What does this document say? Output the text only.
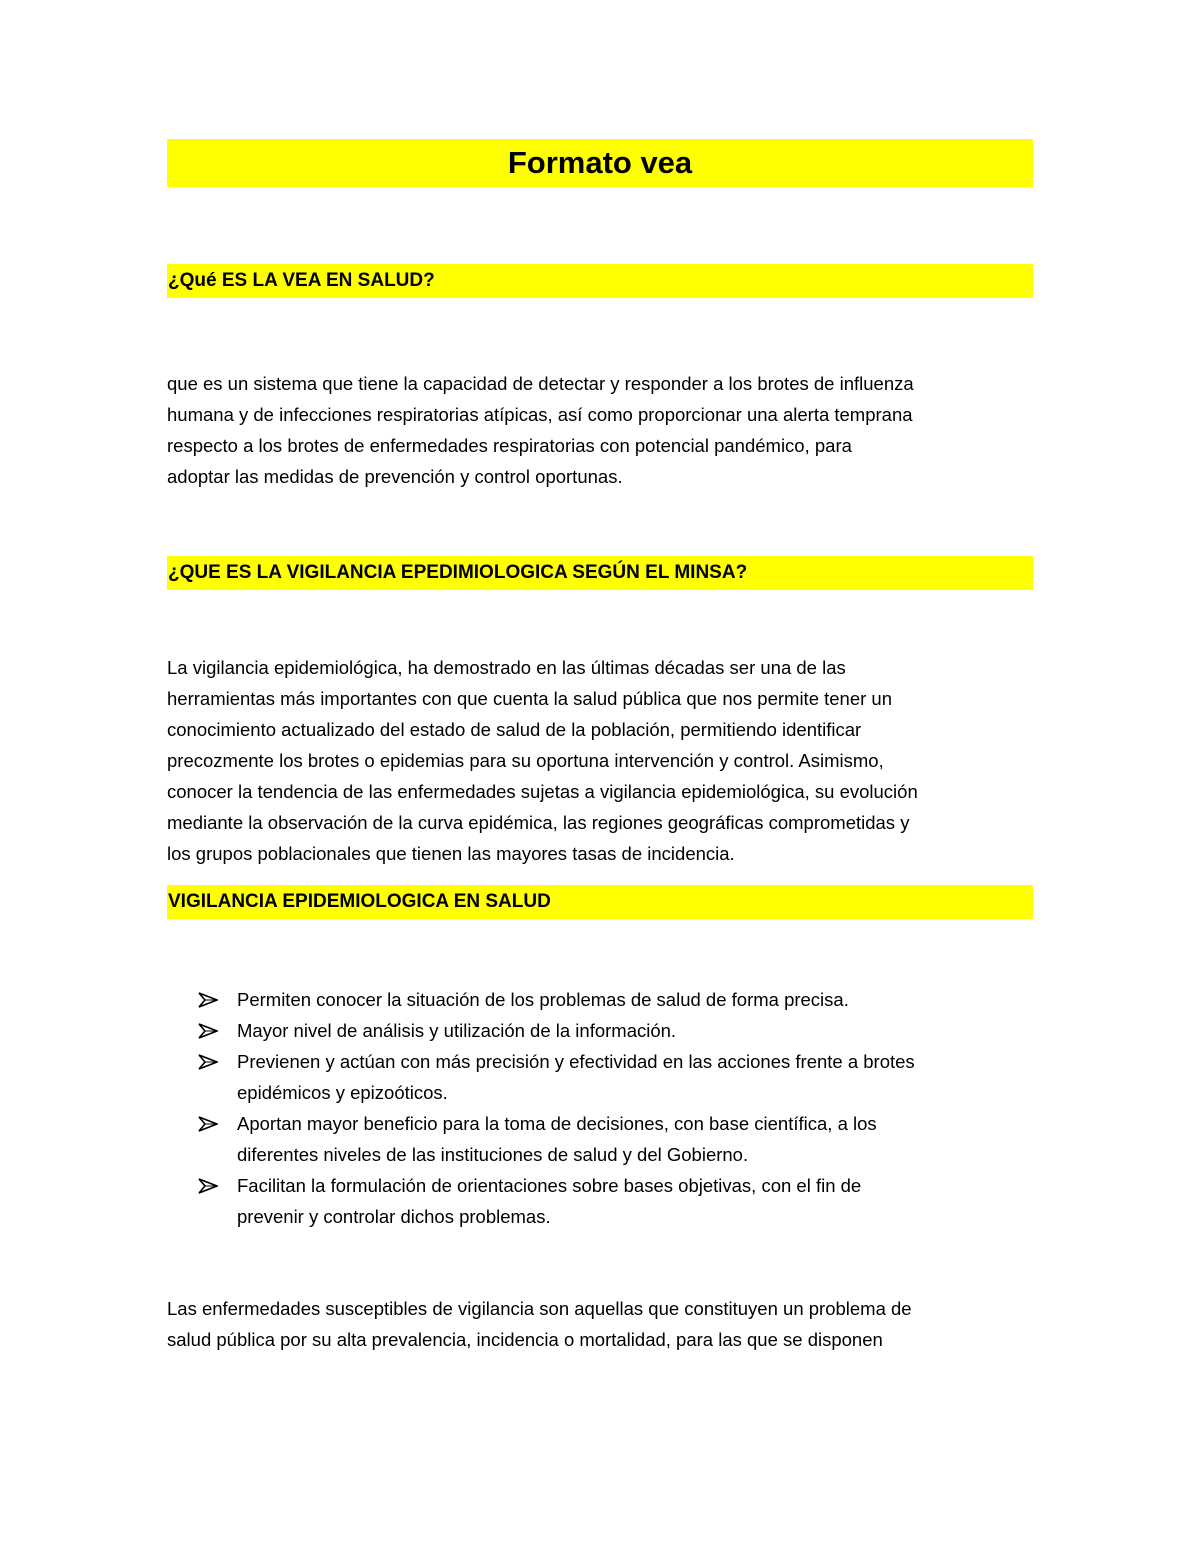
Formato vea
¿Qué ES LA VEA EN SALUD?

que es un sistema que tiene la capacidad de detectar y responder a los brotes de influenza
humana y de infecciones respiratorias atípicas, así como proporcionar una alerta temprana
respecto a los brotes de enfermedades respiratorias con potencial pandémico, para
adoptar las medidas de prevención y control oportunas.

¿QUE ES LA VIGILANCIA EPEDIMIOLOGICA SEGÚN EL MINSA?

La vigilancia epidemiológica, ha demostrado en las últimas décadas ser una de las
herramientas más importantes con que cuenta la salud pública que nos permite tener un
conocimiento actualizado del estado de salud de la población, permitiendo identificar
precozmente los brotes o epidemias para su oportuna intervención y control. Asimismo,
conocer la tendencia de las enfermedades sujetas a vigilancia epidemiológica, su evolución
mediante la observación de la curva epidémica, las regiones geográficas comprometidas y
los grupos poblacionales que tienen las mayores tasas de incidencia.

VIGILANCIA EPIDEMIOLOGICA EN SALUD
Permiten conocer la situación de los problemas de salud de forma precisa.
Mayor nivel de análisis y utilización de la información.
Previenen y actúan con más precisión y efectividad en las acciones frente a brotes
epidémicos y epizoóticos.
Aportan mayor beneficio para la toma de decisiones, con base científica, a los
diferentes niveles de las instituciones de salud y del Gobierno.
Facilitan la formulación de orientaciones sobre bases objetivas, con el fin de
prevenir y controlar dichos problemas.

Las enfermedades susceptibles de vigilancia son aquellas que constituyen un problema de
salud pública por su alta prevalencia, incidencia o mortalidad, para las que se disponen
